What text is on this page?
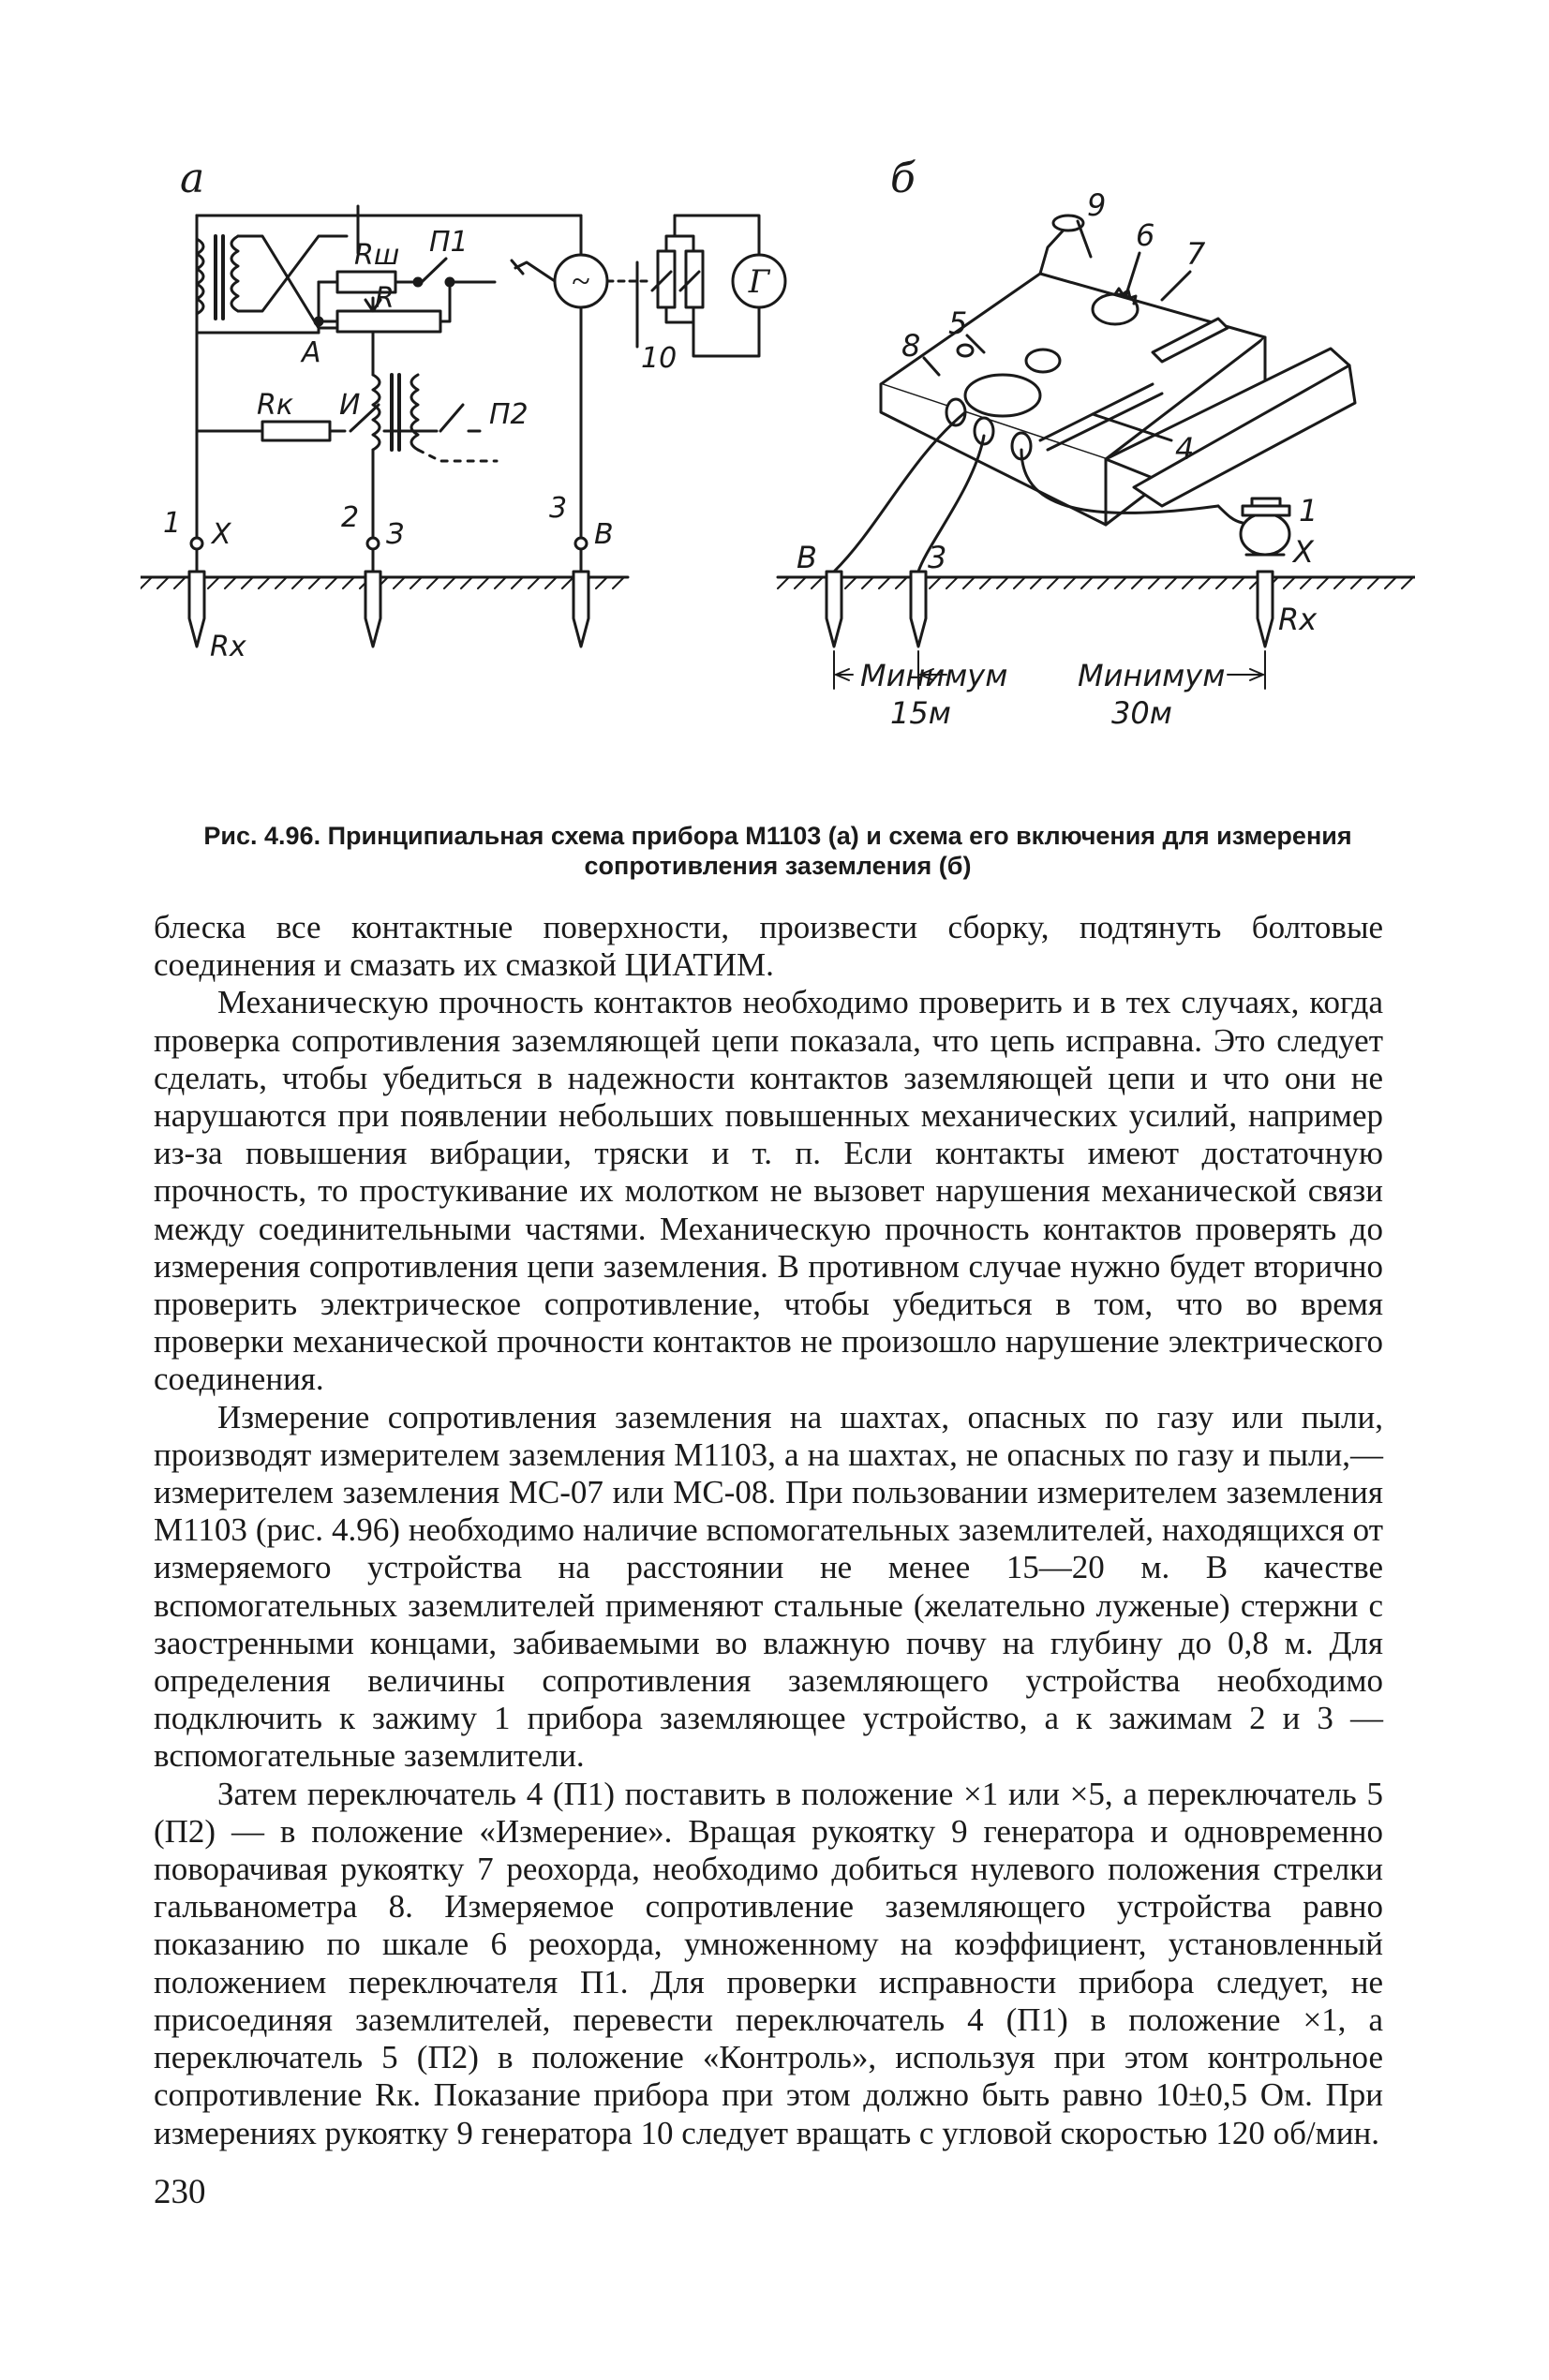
а
~	Г
Rш П1
R
А
И
10
Rк	П2
1 Х
2
З
3
В
Rx
б
9
6
7
5
8
4
1
В	3	Х
Rx
Минимум
15м
Минимум
30м
Рис. 4.96. Принципиальная схема прибора М1103 (а) и схема его включения для измерения сопротивления заземления (б)

блеска все контактные поверхности, произвести сборку, подтянуть болтовые соединения и смазать их смазкой ЦИАТИМ.

Механическую прочность контактов необходимо проверить и в тех случаях, когда проверка сопротивления заземляющей цепи показала, что цепь исправна. Это следует сделать, чтобы убедиться в надежности контактов заземляющей цепи и что они не нарушаются при появлении небольших повышенных механических усилий, например из-за повышения вибрации, тряски и т. п. Если контакты имеют достаточную прочность, то простукивание их молотком не вызовет нарушения механической связи между соединительными частями. Механическую прочность контактов проверять до измерения сопротивления цепи заземления. В противном случае нужно будет вторично проверить электрическое сопротивление, чтобы убедиться в том, что во время проверки механической прочности контактов не произошло нарушение электрического соединения.

Измерение сопротивления заземления на шахтах, опасных по газу или пыли, производят измерителем заземления М1103, а на шахтах, не опасных по газу и пыли,— измерителем заземления МС-07 или МС-08. При пользовании измерителем заземления М1103 (рис. 4.96) необходимо наличие вспомогательных заземлителей, находящихся от измеряемого устройства на расстоянии не менее 15—20 м. В качестве вспомогательных заземлителей применяют стальные (желательно луженые) стержни с заостренными концами, забиваемыми во влажную почву на глубину до 0,8 м. Для определения величины сопротивления заземляющего устройства необходимо подключить к зажиму 1 прибора заземляющее устройство, а к зажимам 2 и 3 — вспомогательные заземлители.

Затем переключатель 4 (П1) поставить в положение ×1 или ×5, а переключатель 5 (П2) — в положение «Измерение». Вращая рукоятку 9 генератора и одновременно поворачивая рукоятку 7 реохорда, необходимо добиться нулевого положения стрелки гальванометра 8. Измеряемое сопротивление заземляющего устройства равно показанию по шкале 6 реохорда, умноженному на коэффициент, установленный положением переключателя П1. Для проверки исправности прибора следует, не присоединяя заземлителей, перевести переключатель 4 (П1) в положение ×1, а переключатель 5 (П2) в положение «Контроль», используя при этом контрольное сопротивление Rк. Показание прибора при этом должно быть равно 10±0,5 Ом. При измерениях рукоятку 9 генератора 10 следует вращать с угловой скоростью 120 об/мин.

230
